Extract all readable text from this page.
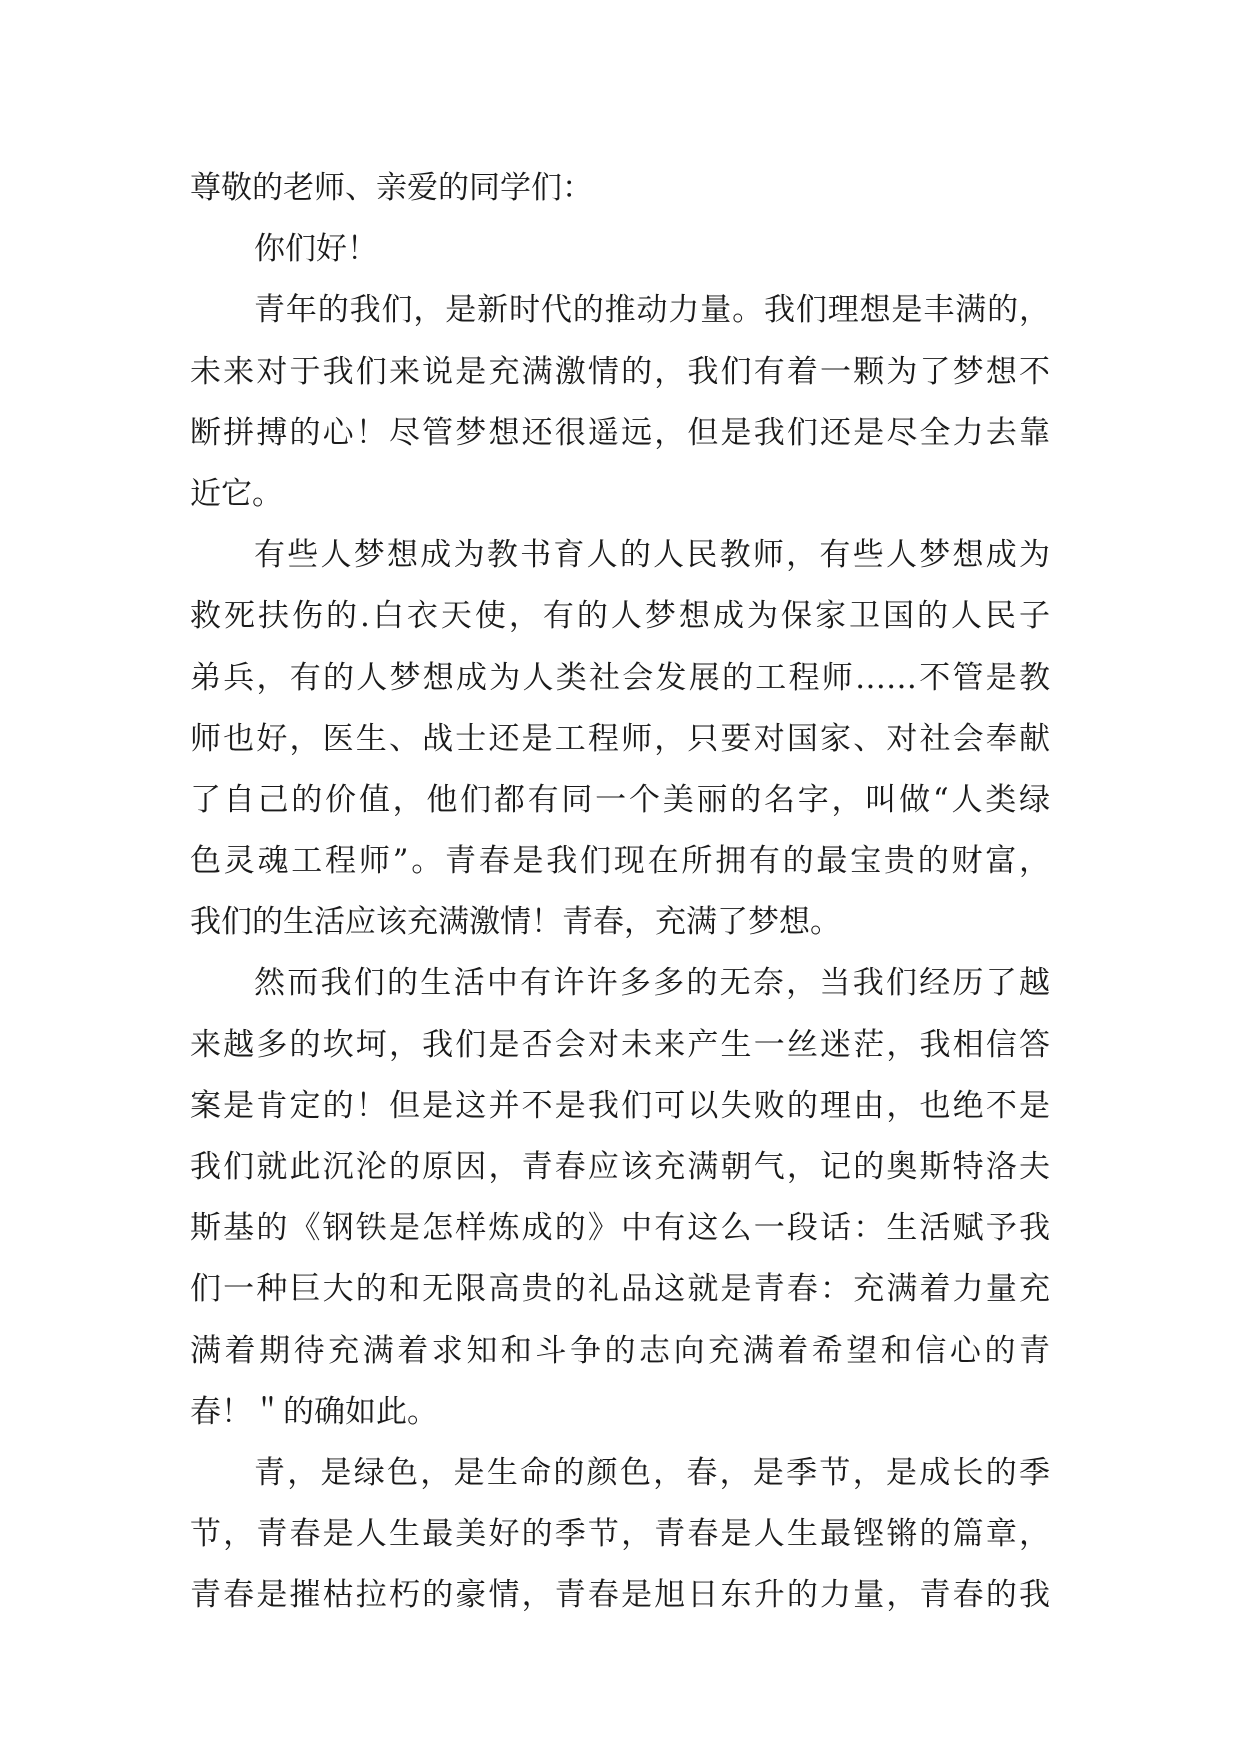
尊敬的老师、亲爱的同学们：
你们好！
青年的我们，是新时代的推动力量。我们理想是丰满的，
未来对于我们来说是充满激情的，我们有着一颗为了梦想不
断拼搏的心！尽管梦想还很遥远，但是我们还是尽全力去靠
近它。
有些人梦想成为教书育人的人民教师，有些人梦想成为
救死扶伤的.白衣天使，有的人梦想成为保家卫国的人民子
弟兵，有的人梦想成为人类社会发展的工程师……不管是教
师也好，医生、战士还是工程师，只要对国家、对社会奉献
了自己的价值，他们都有同一个美丽的名字，叫做“人类绿
色灵魂工程师”。青春是我们现在所拥有的最宝贵的财富，
我们的生活应该充满激情！青春，充满了梦想。
然而我们的生活中有许许多多的无奈，当我们经历了越
来越多的坎坷，我们是否会对未来产生一丝迷茫，我相信答
案是肯定的！但是这并不是我们可以失败的理由，也绝不是
我们就此沉沦的原因，青春应该充满朝气，记的奥斯特洛夫
斯基的《钢铁是怎样炼成的》中有这么一段话：生活赋予我
们一种巨大的和无限高贵的礼品这就是青春：充满着力量充
满着期待充满着求知和斗争的志向充满着希望和信心的青
春！＂的确如此。
青，是绿色，是生命的颜色，春，是季节，是成长的季
节，青春是人生最美好的季节，青春是人生最铿锵的篇章，
青春是摧枯拉朽的豪情，青春是旭日东升的力量，青春的我
